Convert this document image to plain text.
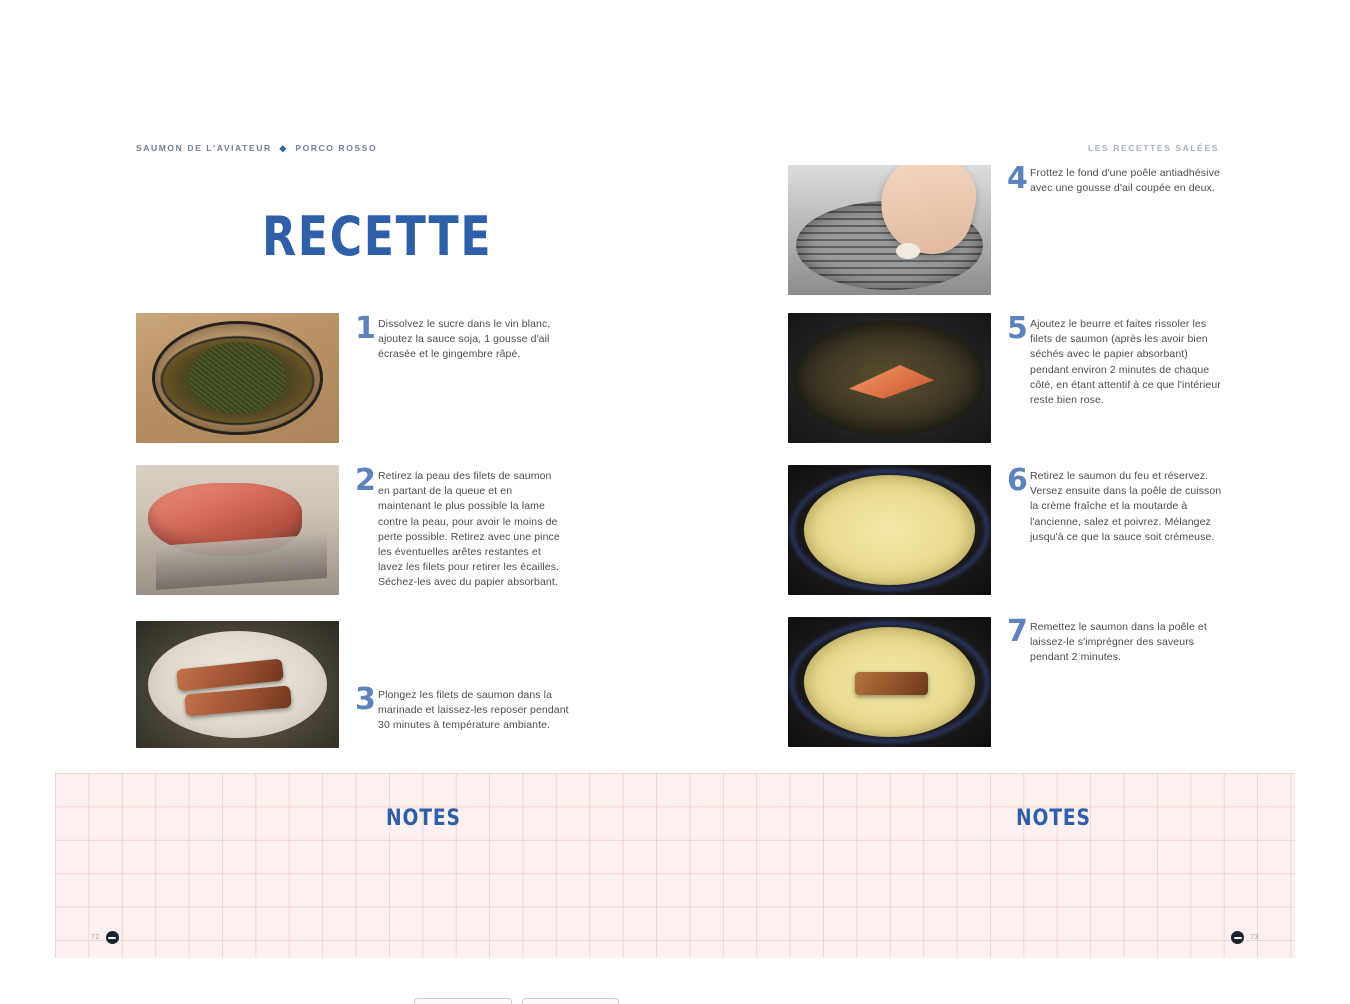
SAUMON DE L'AVIATEUR ❖ PORCO ROSSO	LES RECETTES SALÉES
RECETTE
1 Dissolvez le sucre dans le vin blanc, ajoutez la sauce soja, 1 gousse d'ail écrasée et le gingembre râpé.
2 Retirez la peau des filets de saumon en partant de la queue et en maintenant le plus possible la lame contre la peau, pour avoir le moins de perte possible. Retirez avec une pince les éventuelles arêtes restantes et lavez les filets pour retirer les écailles. Séchez-les avec du papier absorbant.
3 Plongez les filets de saumon dans la marinade et laissez-les reposer pendant 30 minutes à température ambiante.
4 Frottez le fond d'une poêle antiadhésive avec une gousse d'ail coupée en deux.
5 Ajoutez le beurre et faites rissoler les filets de saumon (après les avoir bien séchés avec le papier absorbant) pendant environ 2 minutes de chaque côté, en étant attentif à ce que l'intérieur reste bien rose.
6 Retirez le saumon du feu et réservez. Versez ensuite dans la poêle de cuisson la crème fraîche et la moutarde à l'ancienne, salez et poivrez. Mélangez jusqu'à ce que la sauce soit crémeuse.
7 Remettez le saumon dans la poêle et laissez-le s'imprégner des saveurs pendant 2 minutes.
NOTES	NOTES
72	73
